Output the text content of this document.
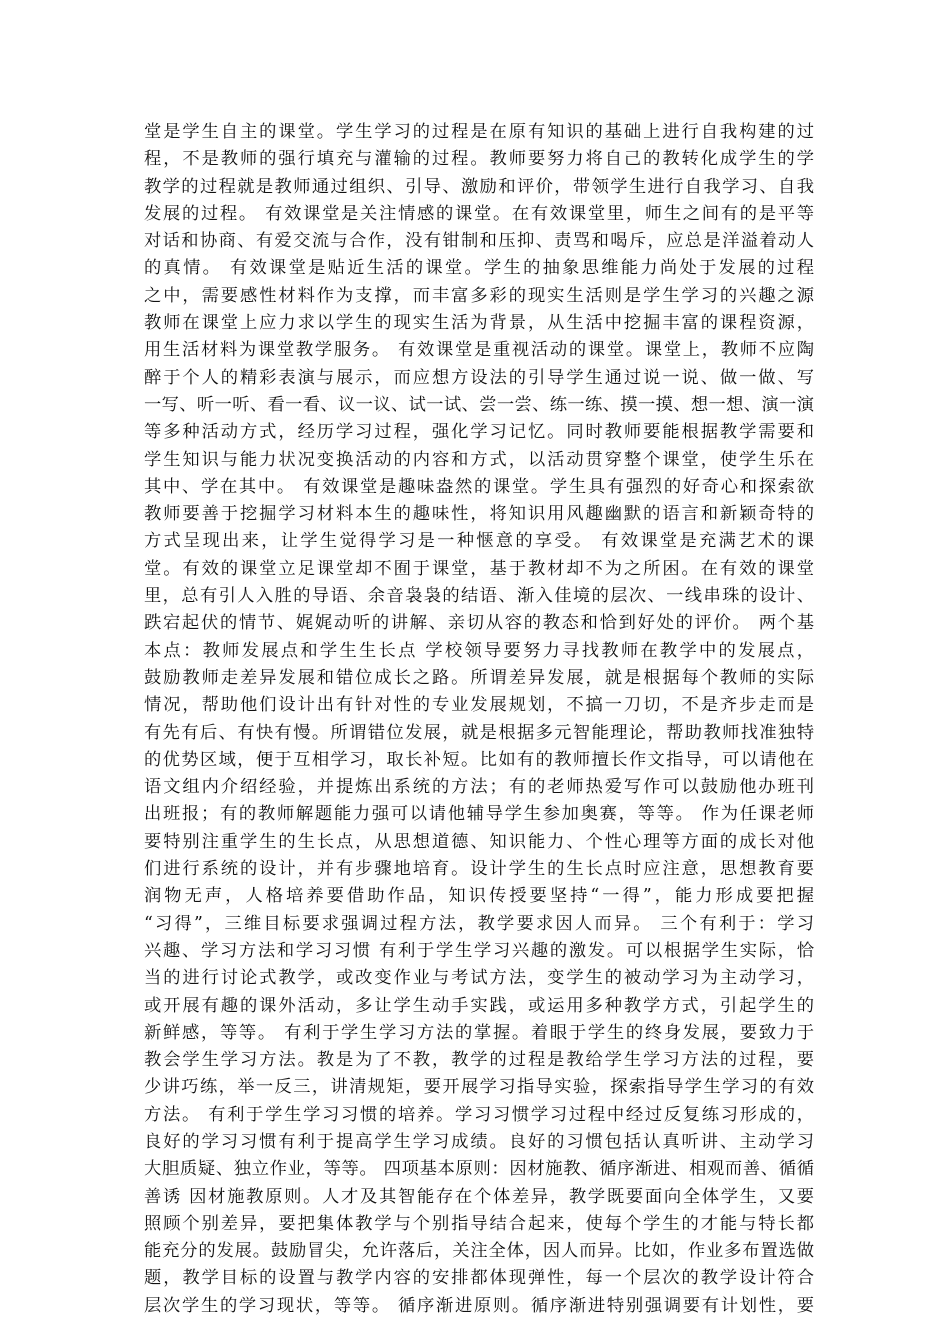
堂是学生自主的课堂。学生学习的过程是在原有知识的基础上进行自我构建的过
程，不是教师的强行填充与灌输的过程。教师要努力将自己的教转化成学生的学
教学的过程就是教师通过组织、引导、激励和评价，带领学生进行自我学习、自我
发展的过程。 有效课堂是关注情感的课堂。在有效课堂里，师生之间有的是平等
对话和协商、有爱交流与合作，没有钳制和压抑、责骂和喝斥，应总是洋溢着动人
的真情。 有效课堂是贴近生活的课堂。学生的抽象思维能力尚处于发展的过程
之中，需要感性材料作为支撑，而丰富多彩的现实生活则是学生学习的兴趣之源
教师在课堂上应力求以学生的现实生活为背景，从生活中挖掘丰富的课程资源，
用生活材料为课堂教学服务。 有效课堂是重视活动的课堂。课堂上，教师不应陶
醉于个人的精彩表演与展示，而应想方设法的引导学生通过说一说、做一做、写
一写、听一听、看一看、议一议、试一试、尝一尝、练一练、摸一摸、想一想、演一演
等多种活动方式，经历学习过程，强化学习记忆。同时教师要能根据教学需要和
学生知识与能力状况变换活动的内容和方式，以活动贯穿整个课堂，使学生乐在
其中、学在其中。 有效课堂是趣味盎然的课堂。学生具有强烈的好奇心和探索欲
教师要善于挖掘学习材料本生的趣味性，将知识用风趣幽默的语言和新颖奇特的
方式呈现出来，让学生觉得学习是一种惬意的享受。 有效课堂是充满艺术的课
堂。有效的课堂立足课堂却不囿于课堂，基于教材却不为之所困。在有效的课堂
里，总有引人入胜的导语、余音袅袅的结语、渐入佳境的层次、一线串珠的设计、
跌宕起伏的情节、娓娓动听的讲解、亲切从容的教态和恰到好处的评价。 两个基
本点：教师发展点和学生生长点 学校领导要努力寻找教师在教学中的发展点，
鼓励教师走差异发展和错位成长之路。所谓差异发展，就是根据每个教师的实际
情况，帮助他们设计出有针对性的专业发展规划，不搞一刀切，不是齐步走而是
有先有后、有快有慢。所谓错位发展，就是根据多元智能理论，帮助教师找准独特
的优势区域，便于互相学习，取长补短。比如有的教师擅长作文指导，可以请他在
语文组内介绍经验，并提炼出系统的方法；有的老师热爱写作可以鼓励他办班刊
出班报；有的教师解题能力强可以请他辅导学生参加奥赛，等等。 作为任课老师
要特别注重学生的生长点，从思想道德、知识能力、个性心理等方面的成长对他
们进行系统的设计，并有步骤地培育。设计学生的生长点时应注意，思想教育要
润物无声，人格培养要借助作品，知识传授要坚持“一得”，能力形成要把握
“习得”，三维目标要求强调过程方法，教学要求因人而异。 三个有利于：学习
兴趣、学习方法和学习习惯 有利于学生学习兴趣的激发。可以根据学生实际，恰
当的进行讨论式教学，或改变作业与考试方法，变学生的被动学习为主动学习，
或开展有趣的课外活动，多让学生动手实践，或运用多种教学方式，引起学生的
新鲜感，等等。 有利于学生学习方法的掌握。着眼于学生的终身发展，要致力于
教会学生学习方法。教是为了不教，教学的过程是教给学生学习方法的过程，要
少讲巧练，举一反三，讲清规矩，要开展学习指导实验，探索指导学生学习的有效
方法。 有利于学生学习习惯的培养。学习习惯学习过程中经过反复练习形成的，
良好的学习习惯有利于提高学生学习成绩。良好的习惯包括认真听讲、主动学习
大胆质疑、独立作业，等等。 四项基本原则：因材施教、循序渐进、相观而善、循循
善诱 因材施教原则。人才及其智能存在个体差异，教学既要面向全体学生，又要
照顾个别差异，要把集体教学与个别指导结合起来，使每个学生的才能与特长都
能充分的发展。鼓励冒尖，允许落后，关注全体，因人而异。比如，作业多布置选做
题，教学目标的设置与教学内容的安排都体现弹性，每一个层次的教学设计符合
层次学生的学习现状，等等。 循序渐进原则。循序渐进特别强调要有计划性，要
